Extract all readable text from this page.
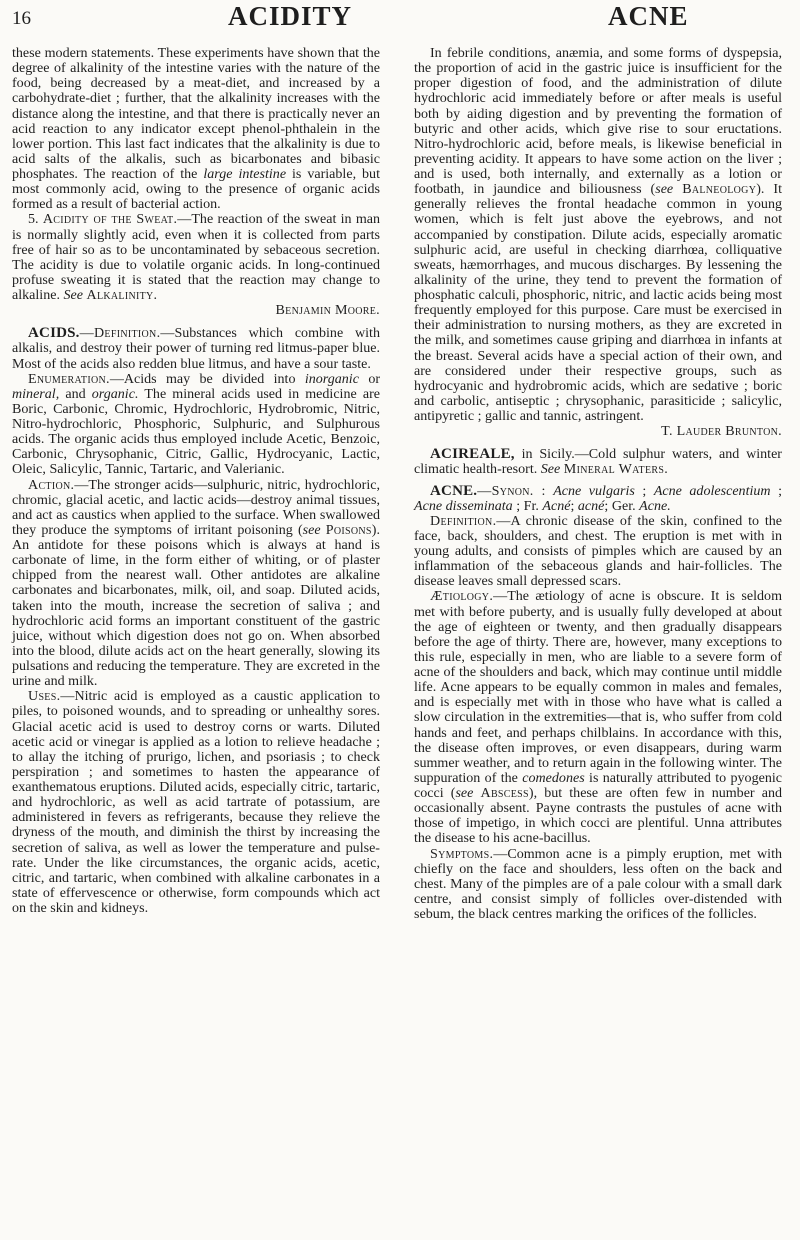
16	ACIDITY	ACNE

these modern statements. These experiments have shown that the degree of alkalinity of the intestine varies with the nature of the food, being decreased by a meat-diet, and increased by a carbohydrate-diet ; further, that the alkalinity increases with the distance along the intestine, and that there is practically never an acid reaction to any indicator except phenol-phthalein in the lower portion. This last fact indicates that the alkalinity is due to acid salts of the alkalis, such as bicarbonates and bibasic phosphates. The reaction of the large intestine is variable, but most commonly acid, owing to the presence of organic acids formed as a result of bacterial action.

5. Acidity of the Sweat.—The reaction of the sweat in man is normally slightly acid, even when it is collected from parts free of hair so as to be uncontaminated by sebaceous secretion. The acidity is due to volatile organic acids. In long-continued profuse sweating it is stated that the reaction may change to alkaline. See Alkalinity.

Benjamin Moore.

ACIDS.—Definition.—Substances which combine with alkalis, and destroy their power of turning red litmus-paper blue. Most of the acids also redden blue litmus, and have a sour taste.

Enumeration.—Acids may be divided into inorganic or mineral, and organic. The mineral acids used in medicine are Boric, Carbonic, Chromic, Hydrochloric, Hydrobromic, Nitric, Nitro-hydrochloric, Phosphoric, Sulphuric, and Sulphurous acids. The organic acids thus employed include Acetic, Benzoic, Carbonic, Chrysophanic, Citric, Gallic, Hydrocyanic, Lactic, Oleic, Salicylic, Tannic, Tartaric, and Valerianic.

Action.—The stronger acids—sulphuric, nitric, hydrochloric, chromic, glacial acetic, and lactic acids—destroy animal tissues, and act as caustics when applied to the surface. When swallowed they produce the symptoms of irritant poisoning (see Poisons). An antidote for these poisons which is always at hand is carbonate of lime, in the form either of whiting, or of plaster chipped from the nearest wall. Other antidotes are alkaline carbonates and bicarbonates, milk, oil, and soap. Diluted acids, taken into the mouth, increase the secretion of saliva ; and hydrochloric acid forms an important constituent of the gastric juice, without which digestion does not go on. When absorbed into the blood, dilute acids act on the heart generally, slowing its pulsations and reducing the temperature. They are excreted in the urine and milk.

Uses.—Nitric acid is employed as a caustic application to piles, to poisoned wounds, and to spreading or unhealthy sores. Glacial acetic acid is used to destroy corns or warts. Diluted acetic acid or vinegar is applied as a lotion to relieve headache ; to allay the itching of prurigo, lichen, and psoriasis ; to check perspiration ; and sometimes to hasten the appearance of exanthematous eruptions. Diluted acids, especially citric, tartaric, and hydrochloric, as well as acid tartrate of potassium, are administered in fevers as refrigerants, because they relieve the dryness of the mouth, and diminish the thirst by increasing the secretion of saliva, as well as lower the temperature and pulse-rate. Under the like circumstances, the organic acids, acetic, citric, and tartaric, when combined with alkaline carbonates in a state of effervescence or otherwise, form compounds which act on the skin and kidneys.

In febrile conditions, anæmia, and some forms of dyspepsia, the proportion of acid in the gastric juice is insufficient for the proper digestion of food, and the administration of dilute hydrochloric acid immediately before or after meals is useful both by aiding digestion and by preventing the formation of butyric and other acids, which give rise to sour eructations. Nitro-hydrochloric acid, before meals, is likewise beneficial in preventing acidity. It appears to have some action on the liver ; and is used, both internally, and externally as a lotion or footbath, in jaundice and biliousness (see Balneology). It generally relieves the frontal headache common in young women, which is felt just above the eyebrows, and not accompanied by constipation. Dilute acids, especially aromatic sulphuric acid, are useful in checking diarrhœa, colliquative sweats, hæmorrhages, and mucous discharges. By lessening the alkalinity of the urine, they tend to prevent the formation of phosphatic calculi, phosphoric, nitric, and lactic acids being most frequently employed for this purpose. Care must be exercised in their administration to nursing mothers, as they are excreted in the milk, and sometimes cause griping and diarrhœa in infants at the breast. Several acids have a special action of their own, and are considered under their respective groups, such as hydrocyanic and hydrobromic acids, which are sedative ; boric and carbolic, antiseptic ; chrysophanic, parasiticide ; salicylic, antipyretic ; gallic and tannic, astringent.

T. Lauder Brunton.

ACIREALE, in Sicily.—Cold sulphur waters, and winter climatic health-resort. See Mineral Waters.

ACNE.—Synon. : Acne vulgaris ; Acne adolescentium ; Acne disseminata ; Fr. Acné; acné; Ger. Acne.

Definition.—A chronic disease of the skin, confined to the face, back, shoulders, and chest. The eruption is met with in young adults, and consists of pimples which are caused by an inflammation of the sebaceous glands and hair-follicles. The disease leaves small depressed scars.

Ætiology.—The ætiology of acne is obscure. It is seldom met with before puberty, and is usually fully developed at about the age of eighteen or twenty, and then gradually disappears before the age of thirty. There are, however, many exceptions to this rule, especially in men, who are liable to a severe form of acne of the shoulders and back, which may continue until middle life. Acne appears to be equally common in males and females, and is especially met with in those who have what is called a slow circulation in the extremities—that is, who suffer from cold hands and feet, and perhaps chilblains. In accordance with this, the disease often improves, or even disappears, during warm summer weather, and to return again in the following winter. The suppuration of the comedones is naturally attributed to pyogenic cocci (see Abscess), but these are often few in number and occasionally absent. Payne contrasts the pustules of acne with those of impetigo, in which cocci are plentiful. Unna attributes the disease to his acne-bacillus.

Symptoms.—Common acne is a pimply eruption, met with chiefly on the face and shoulders, less often on the back and chest. Many of the pimples are of a pale colour with a small dark centre, and consist simply of follicles over-distended with sebum, the black centres marking the orifices of the follicles.
